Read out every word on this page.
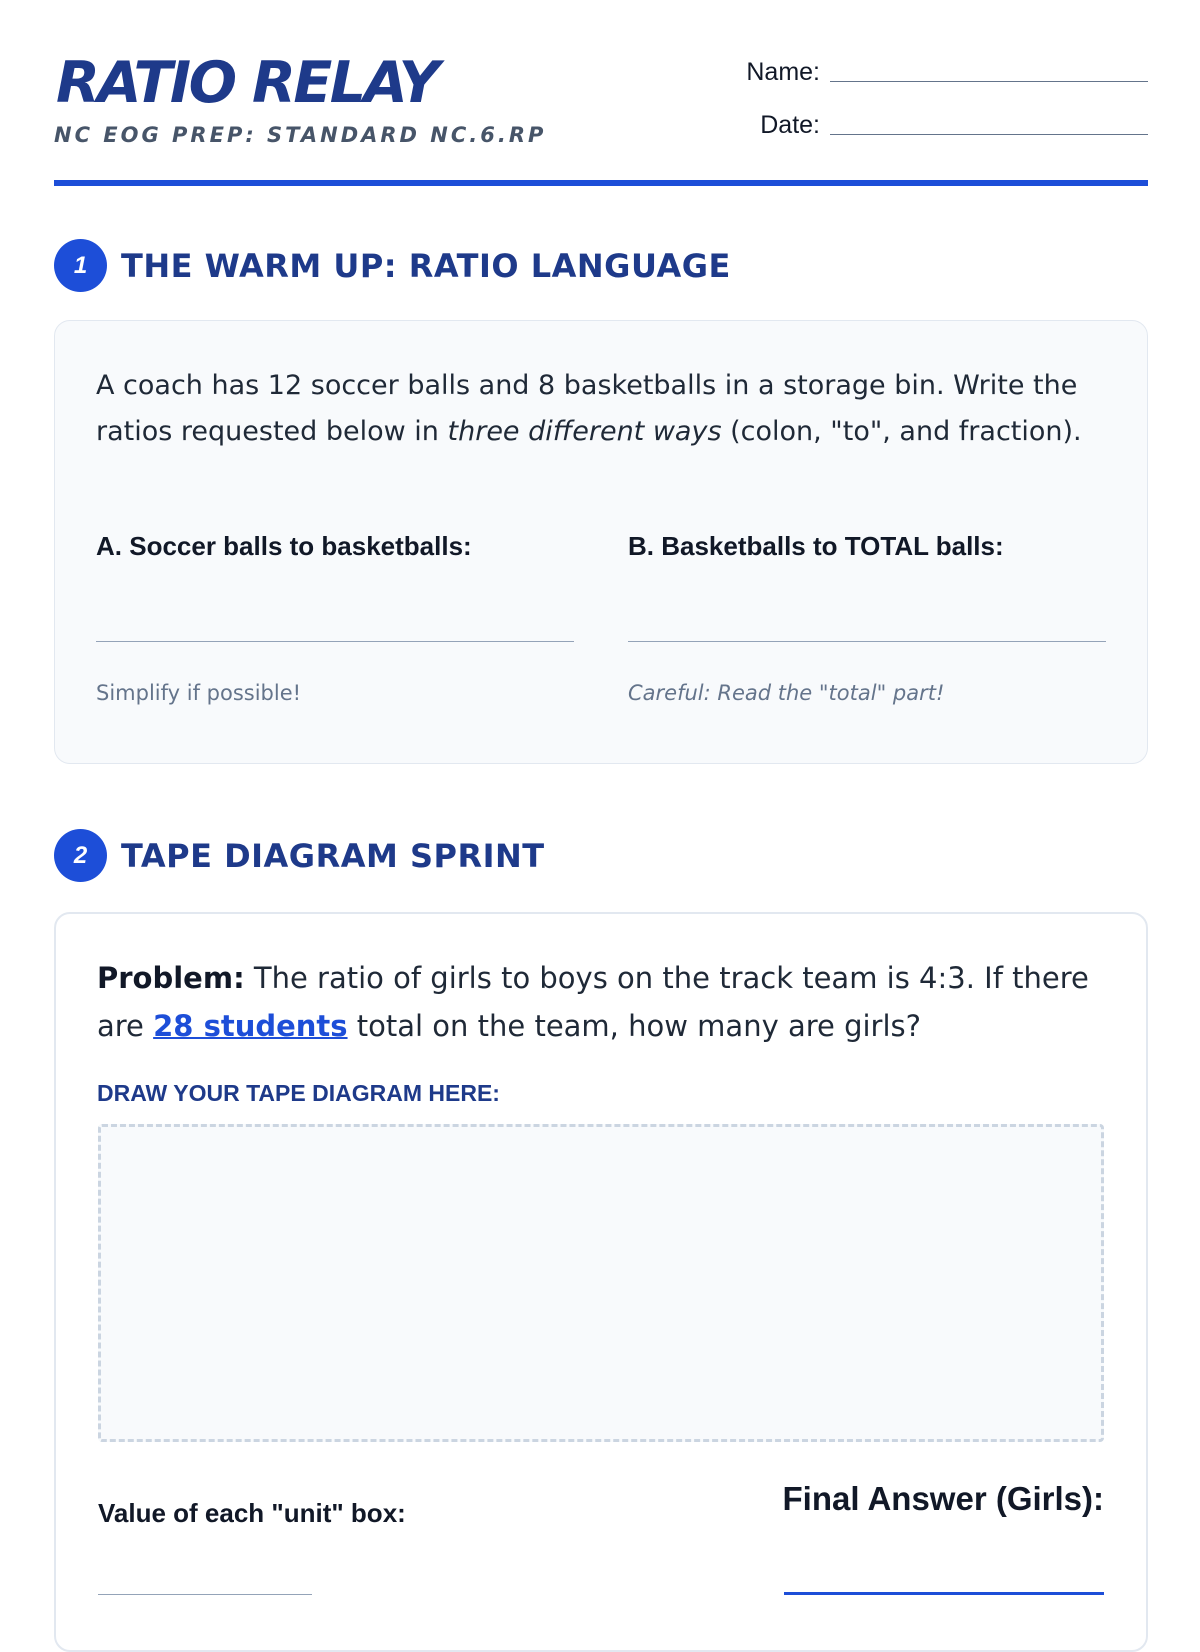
RATIO RELAY
NC EOG PREP: STANDARD NC.6.RP
Name:
Date:
1	THE WARM UP: RATIO LANGUAGE

A coach has 12 soccer balls and 8 basketballs in a storage bin. Write the ratios requested below in three different ways (colon, "to", and fraction).

A. Soccer balls to basketballs:

Simplify if possible!

B. Basketballs to TOTAL balls:

Careful: Read the "total" part!
2	TAPE DIAGRAM SPRINT

Problem: The ratio of girls to boys on the track team is 4:3. If there are 28 students total on the team, how many are girls?

DRAW YOUR TAPE DIAGRAM HERE:
Value of each "unit" box:	Final Answer (Girls):
